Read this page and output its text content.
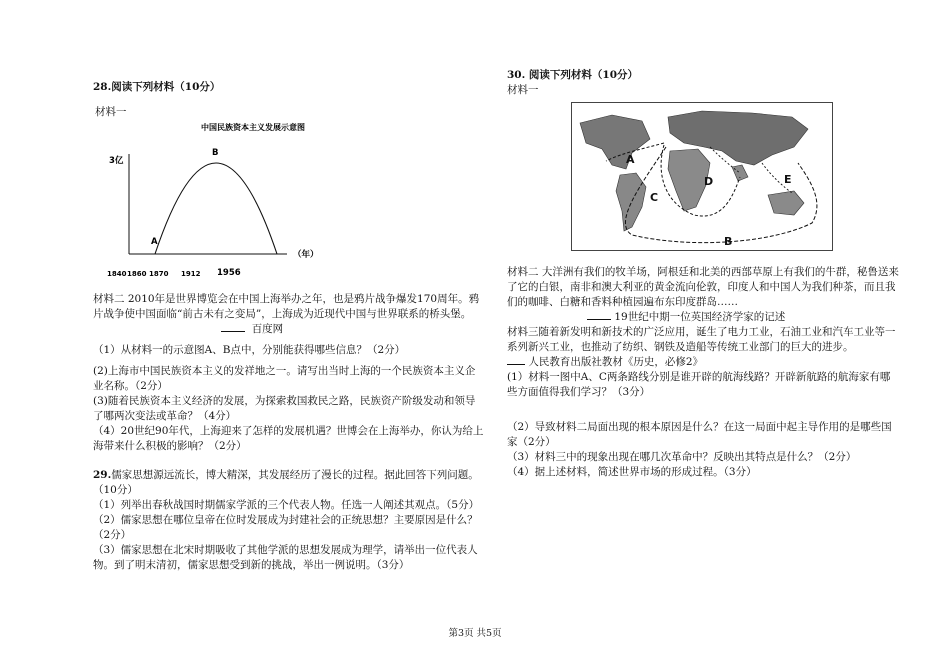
28.阅读下列材料（10分）

材料一

中国民族资本主义发展示意图
3亿
（年）
1840 1860 1870 1912 1956
A
B

材料二 2010年是世界博览会在中国上海举办之年，也是鸦片战争爆发170周年。鸦片战争使中国面临“前古未有之变局”，上海成为近现代中国与世界联系的桥头堡。

百度网

（1）从材料一的示意图A、B点中，分别能获得哪些信息？（2分）

(2)上海市中国民族资本主义的发祥地之一。请写出当时上海的一个民族资本主义企业名称。（2分）

(3)随着民族资本主义经济的发展，为探索救国救民之路，民族资产阶级发动和领导了哪两次变法或革命？（4分）

（4）20世纪90年代，上海迎来了怎样的发展机遇？世博会在上海举办，你认为给上海带来什么积极的影响？（2分）

29.儒家思想源远流长，博大精深，其发展经历了漫长的过程。据此回答下列问题。（10分）

（1）列举出春秋战国时期儒家学派的三个代表人物。任选一人阐述其观点。（5分）

（2）儒家思想在哪位皇帝在位时发展成为封建社会的正统思想？主要原因是什么？（2分）

（3）儒家思想在北宋时期吸收了其他学派的思想发展成为理学，请举出一位代表人物。到了明末清初，儒家思想受到新的挑战，举出一例说明。（3分）

30. 阅读下列材料（10分）

材料一

A
B
C
D	E

材料二 大洋洲有我们的牧羊场，阿根廷和北美的西部草原上有我们的牛群，秘鲁送来了它的白银，南非和澳大利亚的黄金流向伦敦，印度人和中国人为我们种茶，而且我们的咖啡、白糖和香料种植园遍布东印度群岛……

19世纪中期一位英国经济学家的记述

材料三随着新发明和新技术的广泛应用，诞生了电力工业，石油工业和汽车工业等一系列新兴工业，也推动了纺织、钢铁及造船等传统工业部门的巨大的进步。

人民教育出版社教材《历史，必修2》

(1）材料一图中A、C两条路线分别是谁开辟的航海线路？开辟新航路的航海家有哪些方面值得我们学习？（3分）

（2）导致材料二局面出现的根本原因是什么？在这一局面中起主导作用的是哪些国家（2分）

（3）材料三中的现象出现在哪几次革命中？反映出其特点是什么？（2分）

（4）据上述材料，简述世界市场的形成过程。（3分）

第3页 共5页
